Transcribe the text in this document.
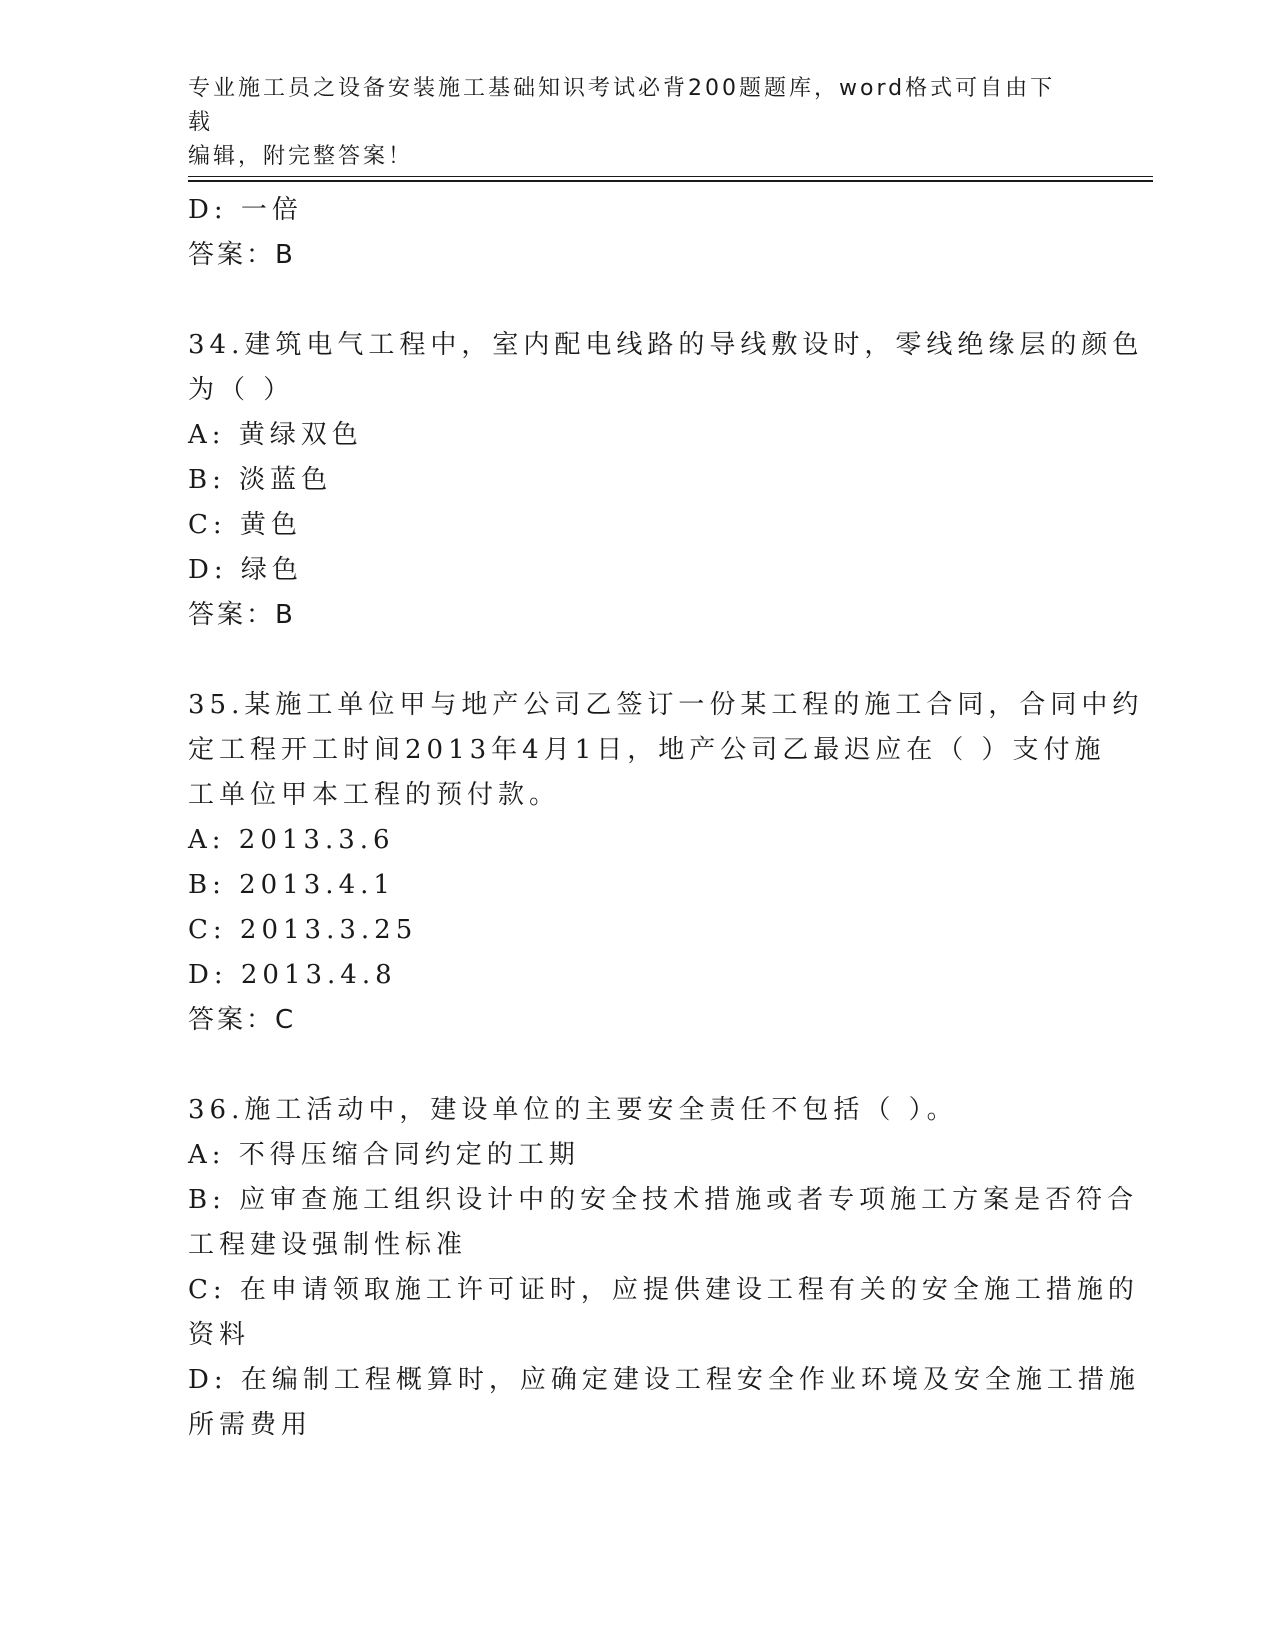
专业施工员之设备安装施工基础知识考试必背200题题库，word格式可自由下载
编辑，附完整答案！
D: 一倍
答案：B
34.建筑电气工程中，室内配电线路的导线敷设时，零线绝缘层的颜色
为（ ）
A: 黄绿双色
B: 淡蓝色
C: 黄色
D: 绿色
答案：B
35.某施工单位甲与地产公司乙签订一份某工程的施工合同，合同中约
定工程开工时间2013年4月1日，地产公司乙最迟应在（ ）支付施
工单位甲本工程的预付款。
A: 2013.3.6
B: 2013.4.1
C: 2013.3.25
D: 2013.4.8
答案：C
36.施工活动中，建设单位的主要安全责任不包括（ ）。
A: 不得压缩合同约定的工期
B: 应审查施工组织设计中的安全技术措施或者专项施工方案是否符合
工程建设强制性标准
C: 在申请领取施工许可证时，应提供建设工程有关的安全施工措施的
资料
D: 在编制工程概算时，应确定建设工程安全作业环境及安全施工措施
所需费用
